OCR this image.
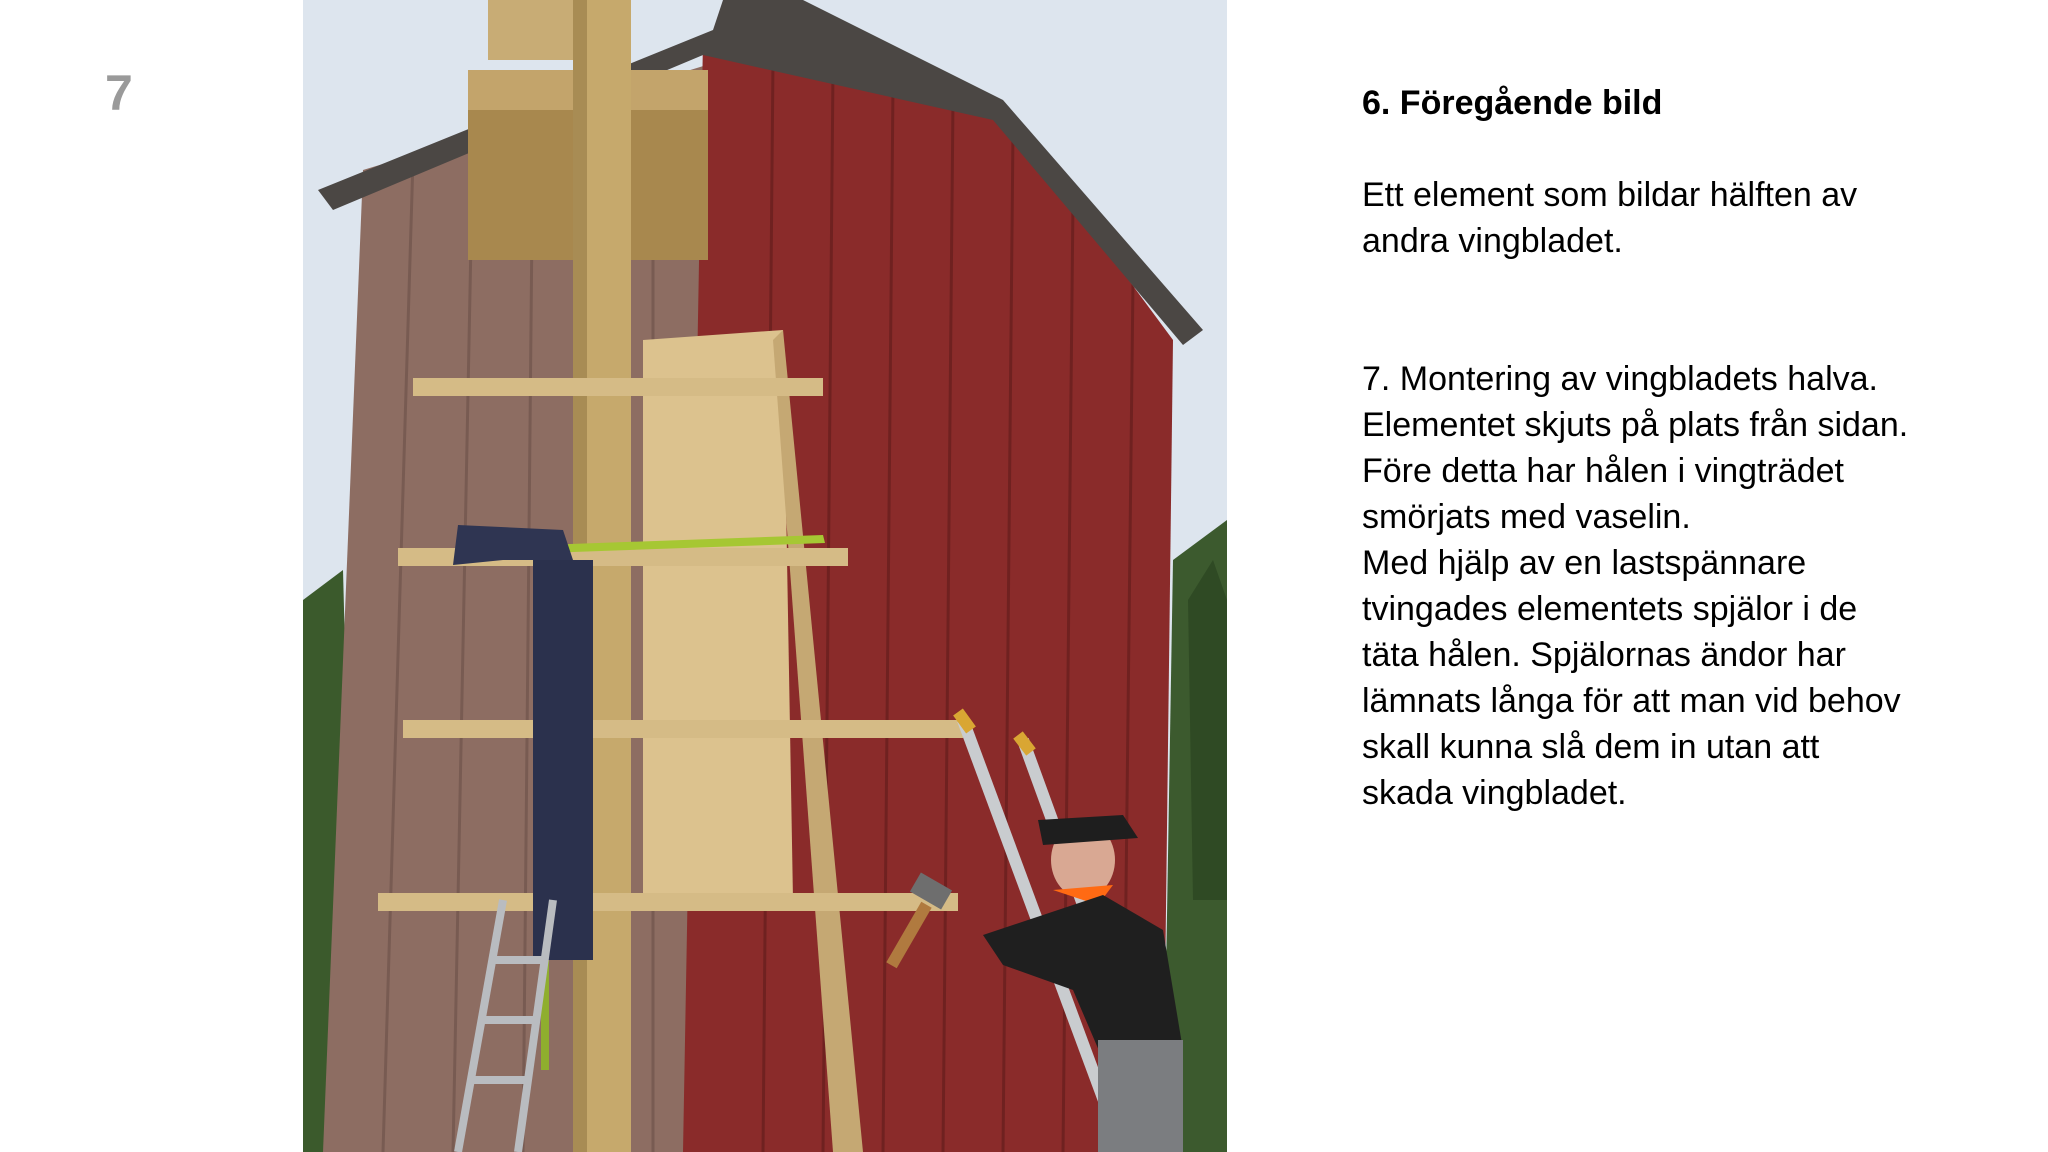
7	6. Föregående bild

Ett element som bildar hälften av
andra vingbladet.

7. Montering av vingbladets halva.
Elementet skjuts på plats från sidan.
Före detta har hålen i vingträdet
smörjats med vaselin.
Med hjälp av en lastspännare
tvingades elementets spjälor i de
täta hålen. Spjälornas ändor har
lämnats långa för att man vid behov
skall kunna slå dem in utan att
skada vingbladet.
